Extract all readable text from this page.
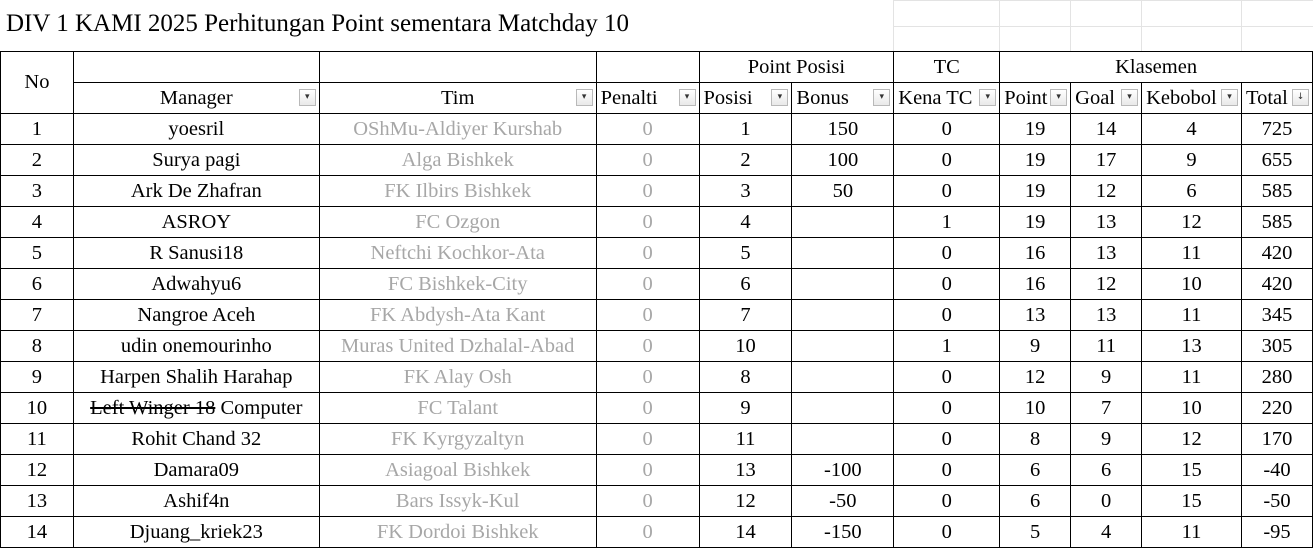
DIV 1 KAMI 2025 Perhitungan Point sementara Matchday 10
No				Point Posisi		TC	Klasemen			
	Manager ▾	Tim ▾	Penalti ▾	Posisi ▾	Bonus ▾	Kena TC ▾	Point ▾	Goal ▾	Kebobol ▾	Total ↓

1	yoesril	OShMu-Aldiyer Kurshab	0	1	150	0	19	14	4	725
2	Surya pagi	Alga Bishkek	0	2	100	0	19	17	9	655
3	Ark De Zhafran	FK Ilbirs Bishkek	0	3	50	0	19	12	6	585
4	ASROY	FC Ozgon	0	4		1	19	13	12	585
5	R Sanusi18	Neftchi Kochkor-Ata	0	5		0	16	13	11	420
6	Adwahyu6	FC Bishkek-City	0	6		0	16	12	10	420
7	Nangroe Aceh	FK Abdysh-Ata Kant	0	7		0	13	13	11	345
8	udin onemourinho	Muras United Dzhalal-Abad	0	10		1	9	11	13	305
9	Harpen Shalih Harahap	FK Alay Osh	0	8		0	12	9	11	280
10	Left Winger 18 Computer	FC Talant	0	9		0	10	7	10	220
11	Rohit Chand 32	FK Kyrgyzaltyn	0	11		0	8	9	12	170
12	Damara09	Asiagoal Bishkek	0	13	-100	0	6	6	15	-40
13	Ashif4n	Bars Issyk-Kul	0	12	-50	0	6	0	15	-50
14	Djuang_kriek23	FK Dordoi Bishkek	0	14	-150	0	5	4	11	-95
